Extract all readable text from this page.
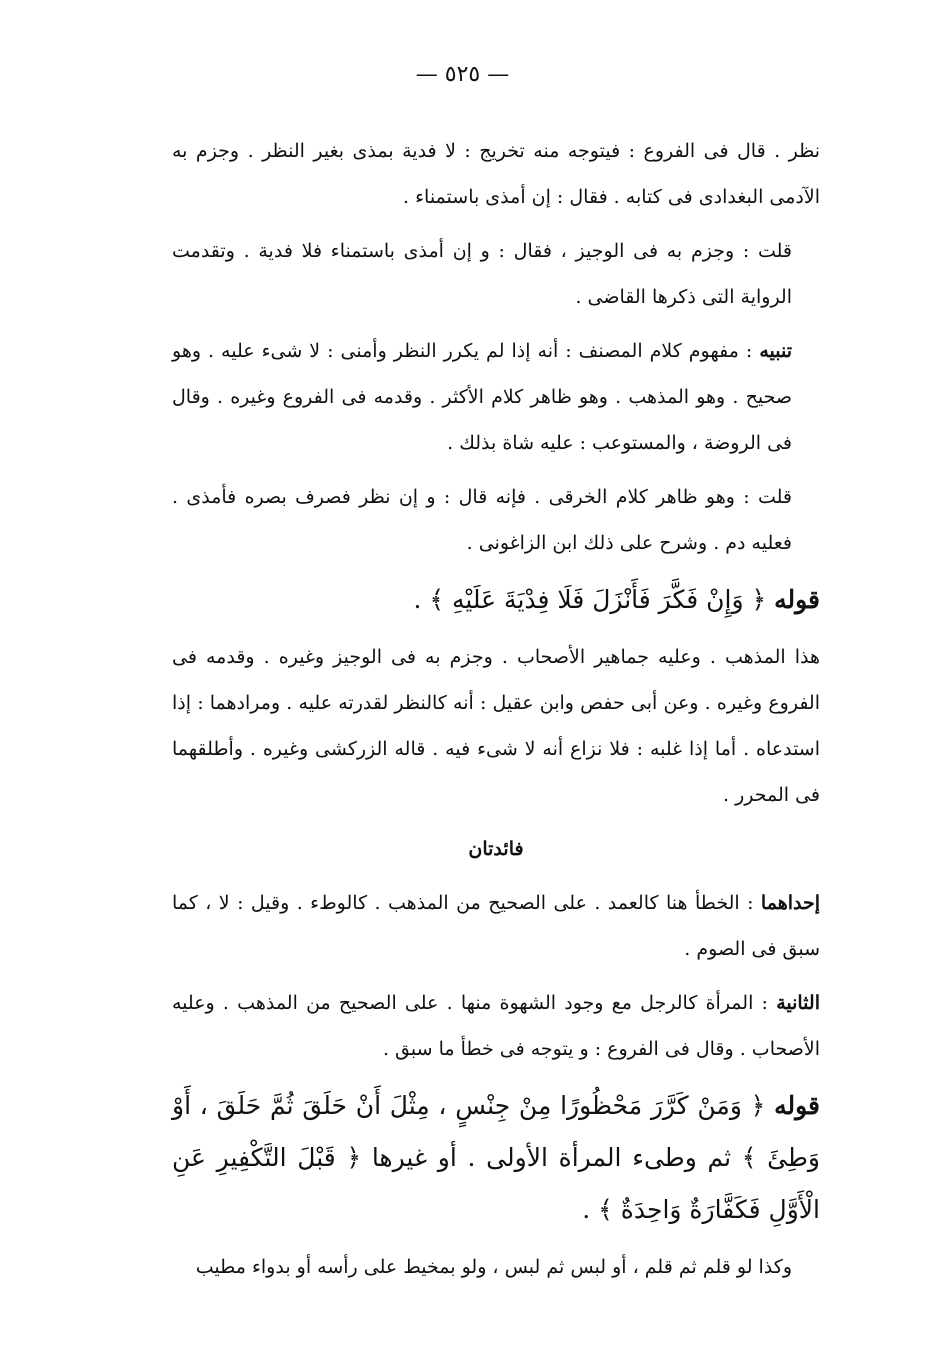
— ٥٢٥ —

نظر . قال فى الفروع : فيتوجه منه تخريج : لا فدية بمذى بغير النظر . وجزم به الآدمى البغدادى فى كتابه . فقال : إن أمذى باستمناء .

قلت : وجزم به فى الوجيز ، فقال : و إن أمذى باستمناء فلا فدية . وتقدمت الرواية التى ذكرها القاضى .

تنبيه : مفهوم كلام المصنف : أنه إذا لم يكرر النظر وأمنى : لا شىء عليه . وهو صحيح . وهو المذهب . وهو ظاهر كلام الأكثر . وقدمه فى الفروع وغيره . وقال فى الروضة ، والمستوعب : عليه شاة بذلك .

قلت : وهو ظاهر كلام الخرقى . فإنه قال : و إن نظر فصرف بصره فأمذى . فعليه دم . وشرح على ذلك ابن الزاغونى .

قوله ﴿ وَإِنْ فَكَّرَ فَأَنْزَلَ فَلَا فِدْيَةَ عَلَيْهِ ﴾ .

هذا المذهب . وعليه جماهير الأصحاب . وجزم به فى الوجيز وغيره . وقدمه فى الفروع وغيره . وعن أبى حفص وابن عقيل : أنه كالنظر لقدرته عليه . ومرادهما : إذا استدعاه . أما إذا غلبه : فلا نزاع أنه لا شىء فيه . قاله الزركشى وغيره . وأطلقهما فى المحرر .

فائدتان

إحداهما : الخطأ هنا كالعمد . على الصحيح من المذهب . كالوطء . وقيل : لا ، كما سبق فى الصوم .

الثانية : المرأة كالرجل مع وجود الشهوة منها . على الصحيح من المذهب . وعليه الأصحاب . وقال فى الفروع : و يتوجه فى خطأ ما سبق .

قوله ﴿ وَمَنْ كَرَّرَ مَحْظُورًا مِنْ جِنْسٍ ، مِثْلَ أَنْ حَلَقَ ثُمَّ حَلَقَ ، أَوْ وَطِئَ ﴾ ثم وطىء المرأة الأولى . أو غيرها ﴿ قَبْلَ التَّكْفِيرِ عَنِ الْأَوَّلِ فَكَفَّارَةٌ وَاحِدَةٌ ﴾ .

وكذا لو قلم ثم قلم ، أو لبس ثم لبس ، ولو بمخيط على رأسه أو بدواء مطيب
